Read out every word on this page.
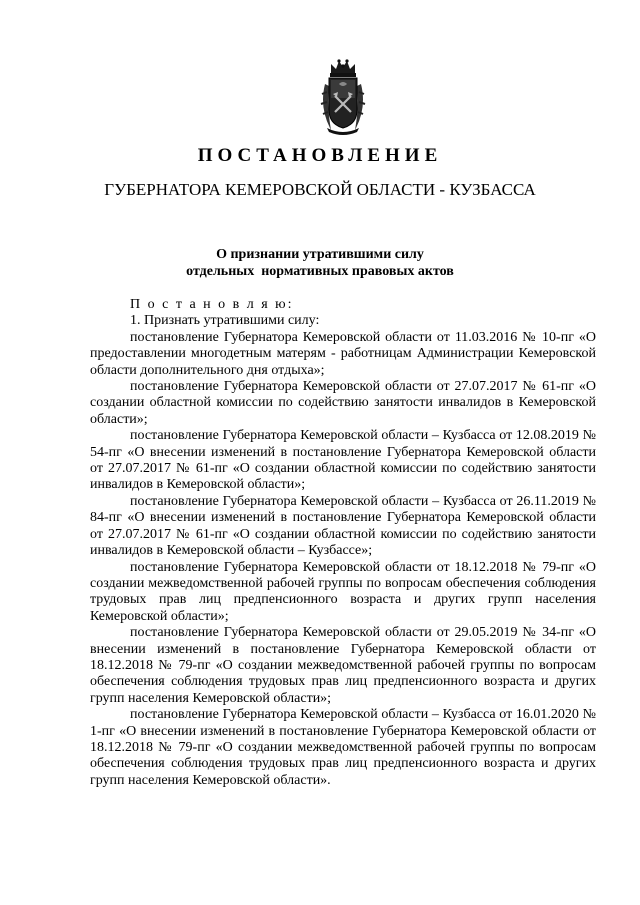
ПОСТАНОВЛЕНИЕ
ГУБЕРНАТОРА КЕМЕРОВСКОЙ ОБЛАСТИ - КУЗБАССА
О признании утратившими силу
отдельных  нормативных правовых актов

П о с т а н о в л я ю:

1. Признать утратившими силу:

постановление Губернатора Кемеровской области от 11.03.2016 № 10-пг «О предоставлении многодетным матерям - работницам Администрации Кемеровской области дополнительного дня отдыха»;

постановление Губернатора Кемеровской области от 27.07.2017 № 61-пг «О создании областной комиссии по содействию занятости инвалидов в Кемеровской области»;

постановление Губернатора Кемеровской области – Кузбасса от 12.08.2019 № 54-пг «О внесении изменений в постановление Губернатора Кемеровской области от 27.07.2017 № 61-пг «О создании областной комиссии по содействию занятости инвалидов в Кемеровской области»;

постановление Губернатора Кемеровской области – Кузбасса от 26.11.2019 № 84-пг «О внесении изменений в постановление Губернатора Кемеровской области от 27.07.2017 № 61-пг «О создании областной комиссии по содействию занятости инвалидов в Кемеровской области – Кузбассе»;

постановление Губернатора Кемеровской области от 18.12.2018 № 79-пг «О создании межведомственной рабочей группы по вопросам обеспечения соблюдения трудовых прав лиц предпенсионного возраста и других групп населения Кемеровской области»;

постановление Губернатора Кемеровской области от 29.05.2019 № 34-пг «О внесении изменений в постановление Губернатора Кемеровской области от 18.12.2018 № 79-пг «О создании межведомственной рабочей группы по вопросам обеспечения соблюдения трудовых прав лиц предпенсионного возраста и других групп населения Кемеровской области»;

постановление Губернатора Кемеровской области – Кузбасса от 16.01.2020 № 1-пг «О внесении изменений в постановление Губернатора Кемеровской области от 18.12.2018 № 79-пг «О создании межведомственной рабочей группы по вопросам обеспечения соблюдения трудовых прав лиц предпенсионного возраста и других групп населения Кемеровской области».
